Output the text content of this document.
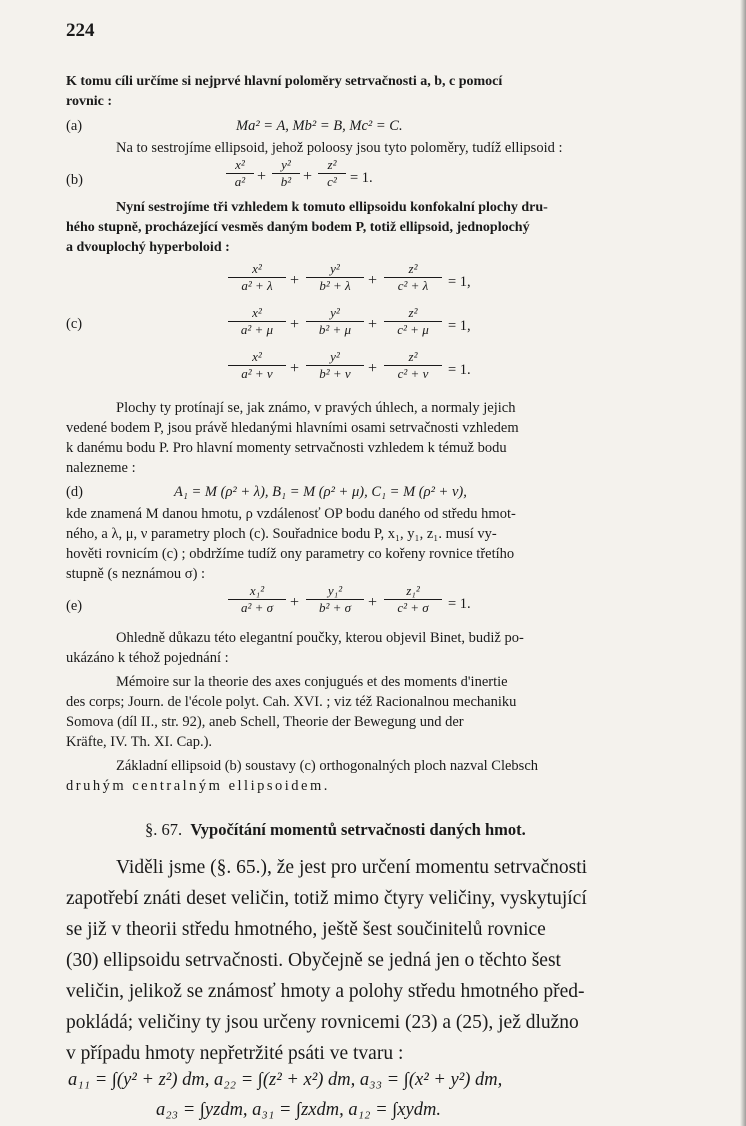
224
K tomu cíli určíme si nejprvé hlavní poloměry setrvačnosti a, b, c pomocí
rovnic :
(a)	Ma² = A, Mb² = B, Mc² = C.
Na to sestrojíme ellipsoid, jehož poloosy jsou tyto poloměry, tudíž ellipsoid :
(b)
x²
a² +
y²
b² +
z²
c² = 1.
Nyní sestrojíme tři vzhledem k tomuto ellipsoidu konfokalní plochy dru-
hého stupně, procházející vesměs daným bodem P, totiž ellipsoid, jednoplochý
a dvouplochý hyperboloid :
(c)
x²
a² + λ	+
y²
b² + λ	+
z²
c² + λ	= 1,
x²
a² + μ	+
y²
b² + μ	+
z²
c² + μ	= 1,
x²
a² + ν	+
y²
b² + ν	+
z²
c² + ν	= 1.
Plochy ty protínají se, jak známo, v pravých úhlech, a normaly jejich
vedené bodem P, jsou právě hledanými hlavními osami setrvačnosti vzhledem
k danému bodu P. Pro hlavní momenty setrvačnosti vzhledem k témuž bodu
nalezneme :
(d)	A₁ = M (ρ² + λ), B₁ = M (ρ² + μ), C₁ = M (ρ² + ν),
kde znamená M danou hmotu, ρ vzdálenosť OP bodu daného od středu hmot-
ného, a λ, μ, ν parametry ploch (c). Souřadnice bodu P, x₁, y₁, z₁. musí vy-
hověti rovnicím (c) ; obdržíme tudíž ony parametry co kořeny rovnice třetího
stupně (s neznámou σ) :
(e)
x₁²
a² + σ	+
y₁²
b² + σ	+
z₁²
c² + σ	= 1.
Ohledně důkazu této elegantní poučky, kterou objevil Binet, budiž po-
ukázáno k téhož pojednání :
Mémoire sur la theorie des axes conjugués et des moments d'inertie
des corps; Journ. de l'école polyt. Cah. XVI. ; viz též Racionalnou mechaniku
Somova (díl II., str. 92), aneb Schell, Theorie der Bewegung und der
Kräfte, IV. Th. XI. Cap.).
Základní ellipsoid (b) soustavy (c) orthogonalných ploch nazval Clebsch
druhým centralným ellipsoidem.
§. 67. Vypočítání momentů setrvačnosti daných hmot.
Viděli jsme (§. 65.), že jest pro určení momentu setrvačnosti
zapotřebí znáti deset veličin, totiž mimo čtyry veličiny, vyskytující
se již v theorii středu hmotného, ještě šest součinitelů rovnice
(30) ellipsoidu setrvačnosti. Obyčejně se jedná jen o těchto šest
veličin, jelikož se známosť hmoty a polohy středu hmotného před-
pokládá; veličiny ty jsou určeny rovnicemi (23) a (25), jež dlužno
v případu hmoty nepřetržité psáti ve tvaru :
a₁₁ = ∫(y² + z²) dm, a₂₂ = ∫(z² + x²) dm, a₃₃ = ∫(x² + y²) dm,
a₂₃ = ∫yzdm, a₃₁ = ∫zxdm, a₁₂ = ∫xydm.
